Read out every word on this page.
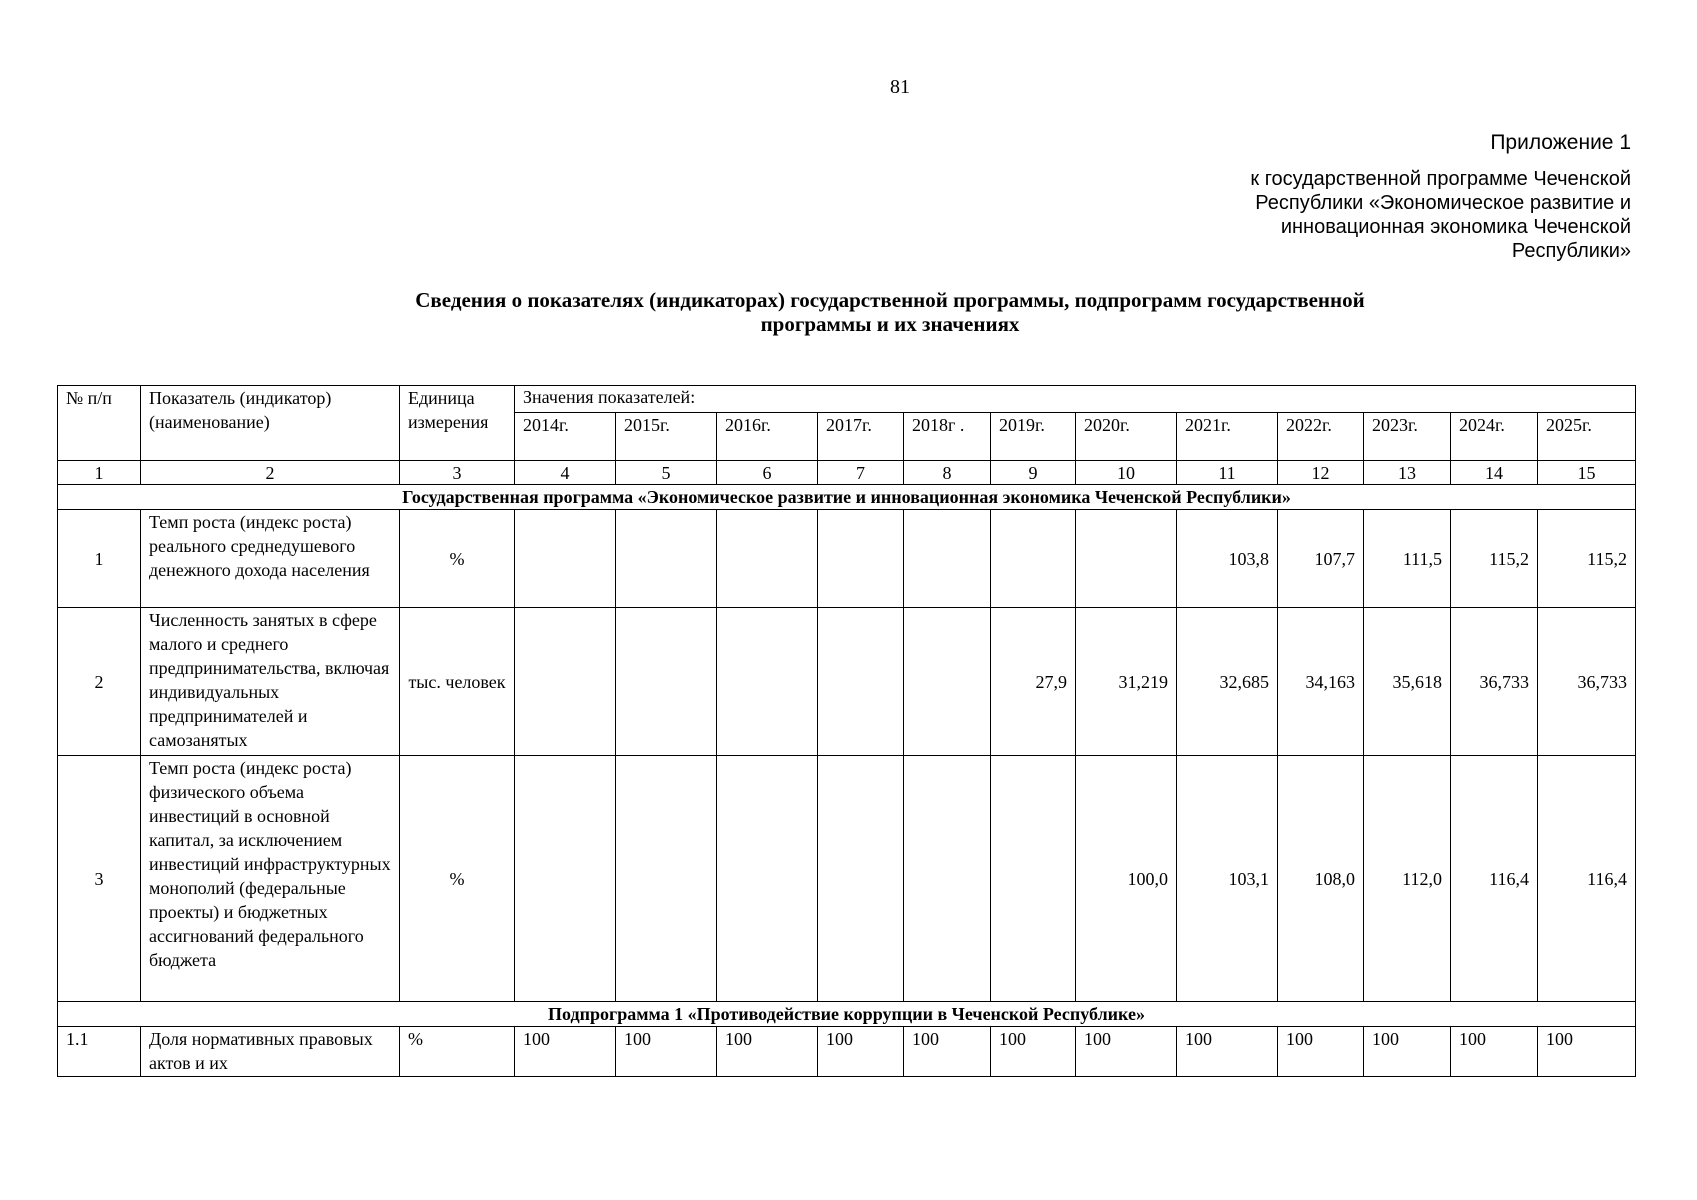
81
Приложение 1
к государственной программе Чеченской Республики «Экономическое развитие и инновационная экономика Чеченской Республики»
Сведения о показателях (индикаторах) государственной программы, подпрограмм государственной программы и их значениях
№ п/п	Показатель (индикатор) (наименование)	Единица измерения	Значения показателей:											
			2014г.	2015г.	2016г.	2017г.	2018г .	2019г.	2020г.	2021г.	2022г.	2023г.	2024г.	2025г.
1	2	3	4	5	6	7	8	9	10	11	12	13	14	15
Государственная программа «Экономическое развитие и инновационная экономика Чеченской Республики»														
1	Темп роста (индекс роста) реального среднедушевого денежного дохода населения	%								103,8	107,7	111,5	115,2	115,2
2	Численность занятых в сфере малого и среднего предпринимательства, включая индивидуальных предпринимателей и самозанятых	тыс. человек						27,9	31,219	32,685	34,163	35,618	36,733	36,733
3	Темп роста (индекс роста) физического объема инвестиций в основной капитал, за исключением инвестиций инфраструктурных монополий (федеральные проекты) и бюджетных ассигнований федерального бюджета	%							100,0	103,1	108,0	112,0	116,4	116,4
Подпрограмма 1 «Противодействие коррупции в Чеченской Республике»														
1.1	Доля нормативных правовых актов и их	%	100	100	100	100	100	100	100	100	100	100	100	100
